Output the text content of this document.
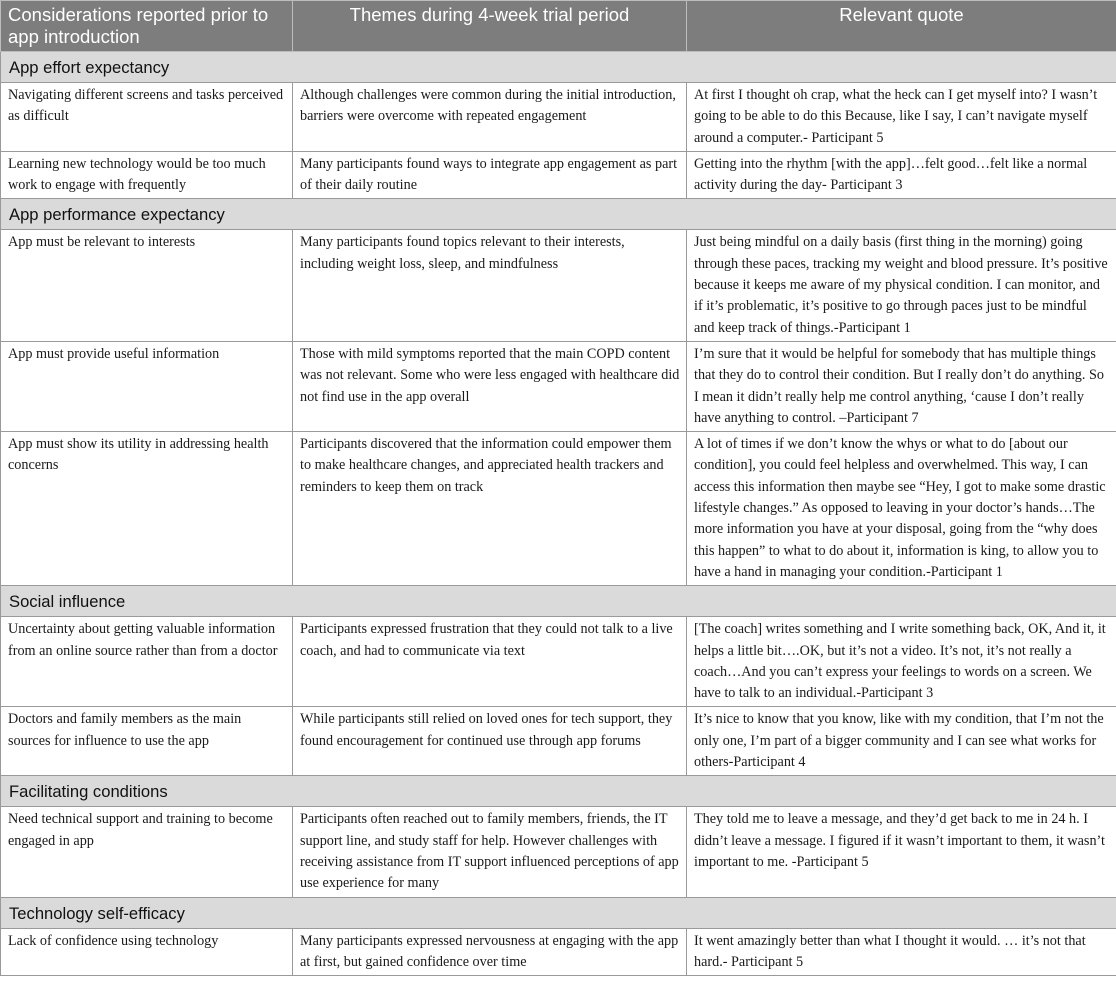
Considerations reported prior to app introduction	Themes during 4-week trial period	Relevant quote
App effort expectancy		
Navigating different screens and tasks perceived as difficult	Although challenges were common during the initial introduction, barriers were overcome with repeated engagement	At first I thought oh crap, what the heck can I get myself into? I wasn’t going to be able to do this Because, like I say, I can’t navigate myself around a computer.- Participant 5
Learning new technology would be too much work to engage with frequently	Many participants found ways to integrate app engagement as part of their daily routine	Getting into the rhythm [with the app]…felt good…felt like a normal activity during the day- Participant 3
App performance expectancy		
App must be relevant to interests	Many participants found topics relevant to their interests, including weight loss, sleep, and mindfulness	Just being mindful on a daily basis (first thing in the morning) going through these paces, tracking my weight and blood pressure. It’s positive because it keeps me aware of my physical condition. I can monitor, and if it’s problematic, it’s positive to go through paces just to be mindful and keep track of things.-Participant 1
App must provide useful information	Those with mild symptoms reported that the main COPD content was not relevant. Some who were less engaged with healthcare did not find use in the app overall	I’m sure that it would be helpful for somebody that has multiple things that they do to control their condition. But I really don’t do anything. So I mean it didn’t really help me control anything, ‘cause I don’t really have anything to control. –Participant 7
App must show its utility in addressing health concerns	Participants discovered that the information could empower them to make healthcare changes, and appreciated health trackers and reminders to keep them on track	A lot of times if we don’t know the whys or what to do [about our condition], you could feel helpless and overwhelmed. This way, I can access this information then maybe see “Hey, I got to make some drastic lifestyle changes.” As opposed to leaving in your doctor’s hands…The more information you have at your disposal, going from the “why does this happen” to what to do about it, information is king, to allow you to have a hand in managing your condition.-Participant 1
Social influence		
Uncertainty about getting valuable information from an online source rather than from a doctor	Participants expressed frustration that they could not talk to a live coach, and had to communicate via text	[The coach] writes something and I write something back, OK, And it, it helps a little bit….OK, but it’s not a video. It’s not, it’s not really a coach…And you can’t express your feelings to words on a screen. We have to talk to an individual.-Participant 3
Doctors and family members as the main sources for influence to use the app	While participants still relied on loved ones for tech support, they found encouragement for continued use through app forums	It’s nice to know that you know, like with my condition, that I’m not the only one, I’m part of a bigger community and I can see what works for others-Participant 4
Facilitating conditions		
Need technical support and training to become engaged in app	Participants often reached out to family members, friends, the IT support line, and study staff for help. However challenges with receiving assistance from IT support influenced perceptions of app use experience for many	They told me to leave a message, and they’d get back to me in 24 h. I didn’t leave a message. I figured if it wasn’t important to them, it wasn’t important to me. -Participant 5
Technology self-efficacy		
Lack of confidence using technology	Many participants expressed nervousness at engaging with the app at first, but gained confidence over time	It went amazingly better than what I thought it would. … it’s not that hard.- Participant 5
